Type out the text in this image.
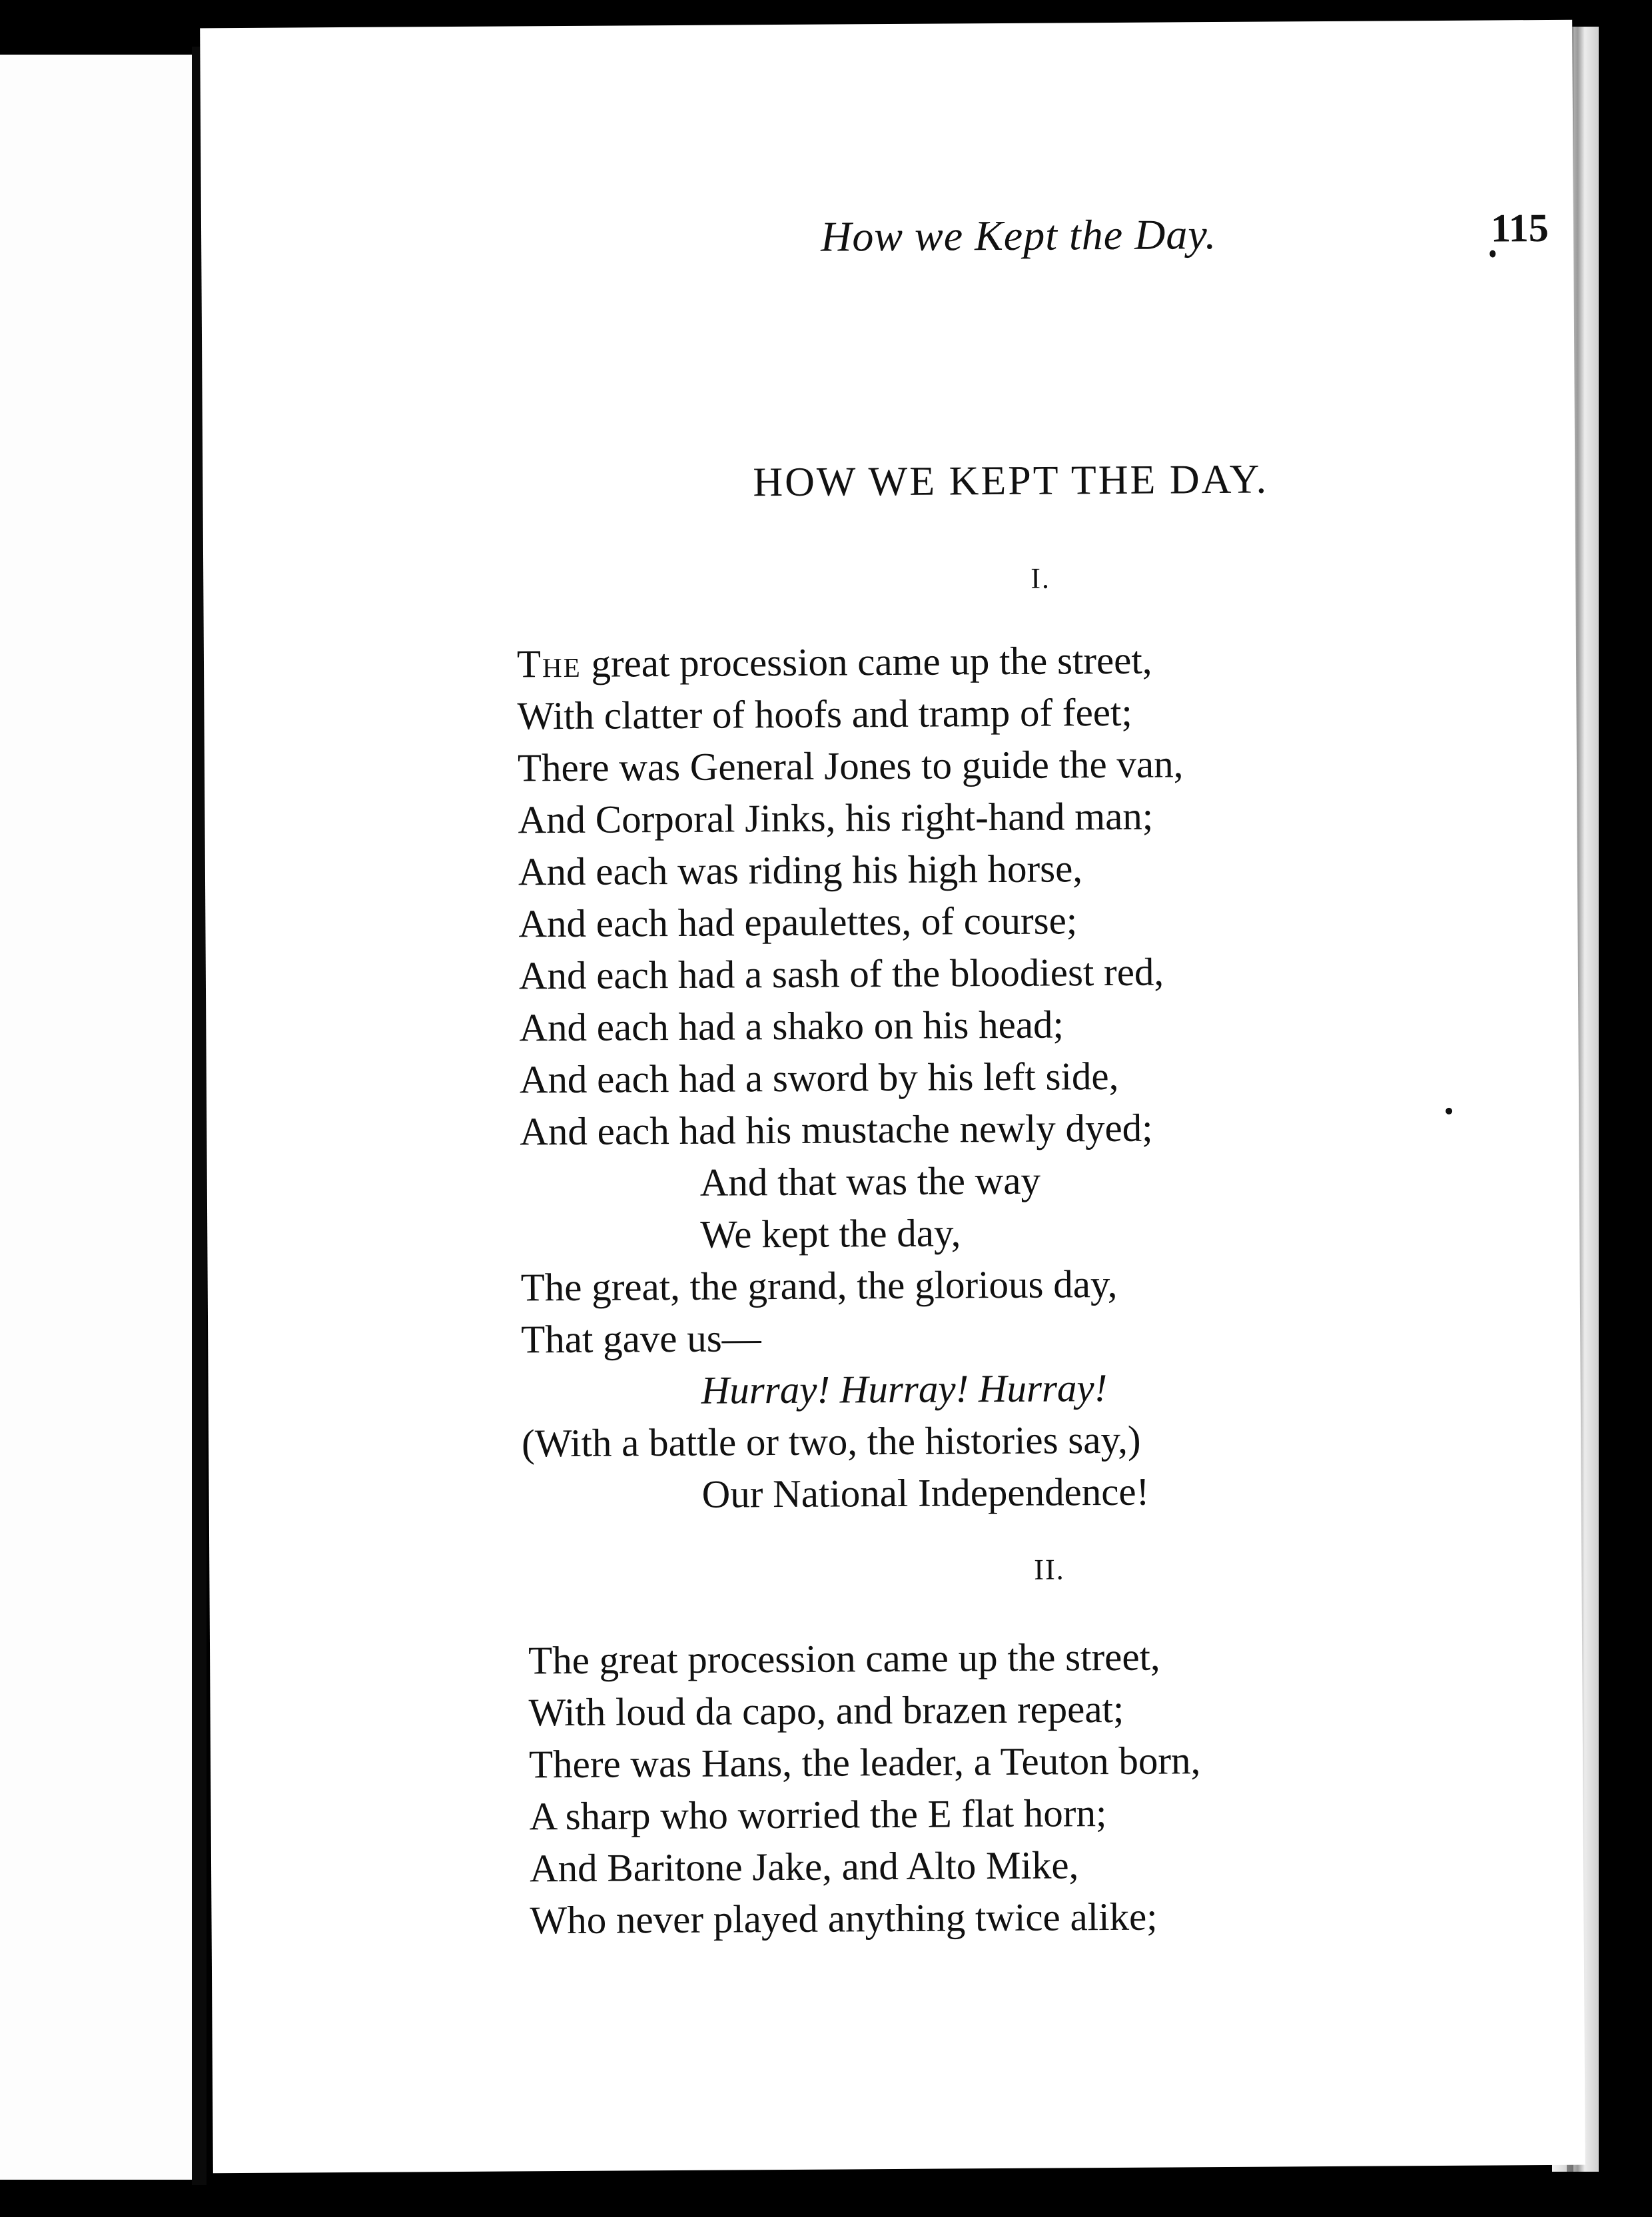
How we Kept the Day.	115
HOW WE KEPT THE DAY.
I.
The great procession came up the street,
With clatter of hoofs and tramp of feet;
There was General Jones to guide the van,
And Corporal Jinks, his right-hand man;
And each was riding his high horse,
And each had epaulettes, of course;
And each had a sash of the bloodiest red,
And each had a shako on his head;
And each had a sword by his left side,
And each had his mustache newly dyed;
And that was the way
We kept the day,
The great, the grand, the glorious day,
That gave us—
Hurray! Hurray! Hurray!
(With a battle or two, the histories say,)
Our National Independence!
II.
The great procession came up the street,
With loud da capo, and brazen repeat;
There was Hans, the leader, a Teuton born,
A sharp who worried the E flat horn;
And Baritone Jake, and Alto Mike,
Who never played anything twice alike;
